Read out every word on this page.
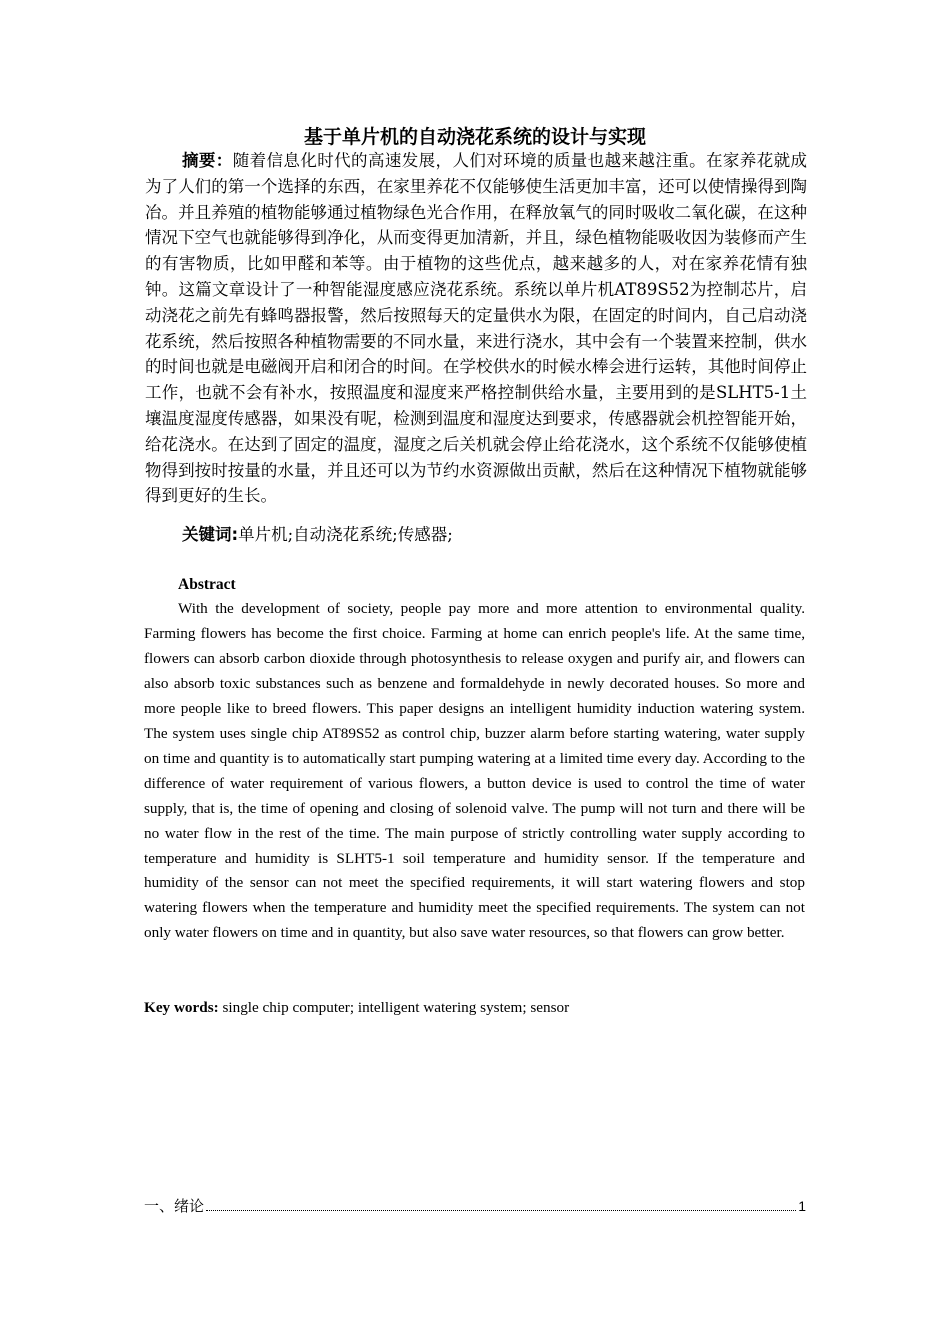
基于单片机的自动浇花系统的设计与实现

摘要：随着信息化时代的高速发展，人们对环境的质量也越来越注重。在家养花就成为了人们的第一个选择的东西，在家里养花不仅能够使生活更加丰富，还可以使情操得到陶冶。并且养殖的植物能够通过植物绿色光合作用，在释放氧气的同时吸收二氧化碳，在这种情况下空气也就能够得到净化，从而变得更加清新，并且，绿色植物能吸收因为装修而产生的有害物质，比如甲醛和苯等。由于植物的这些优点，越来越多的人，对在家养花情有独钟。这篇文章设计了一种智能湿度感应浇花系统。系统以单片机AT89S52为控制芯片，启动浇花之前先有蜂鸣器报警，然后按照每天的定量供水为限，在固定的时间内，自己启动浇花系统，然后按照各种植物需要的不同水量，来进行浇水，其中会有一个装置来控制，供水的时间也就是电磁阀开启和闭合的时间。在学校供水的时候水棒会进行运转，其他时间停止工作，也就不会有补水，按照温度和湿度来严格控制供给水量，主要用到的是SLHT5-1土壤温度湿度传感器，如果没有呢，检测到温度和湿度达到要求，传感器就会机控智能开始，给花浇水。在达到了固定的温度，湿度之后关机就会停止给花浇水，这个系统不仅能够使植物得到按时按量的水量，并且还可以为节约水资源做出贡献，然后在这种情况下植物就能够得到更好的生长。

关键词:单片机;自动浇花系统;传感器;

Abstract

With the development of society, people pay more and more attention to environmental quality. Farming flowers has become the first choice. Farming at home can enrich people's life. At the same time, flowers can absorb carbon dioxide through photosynthesis to release oxygen and purify air, and flowers can also absorb toxic substances such as benzene and formaldehyde in newly decorated houses. So more and more people like to breed flowers. This paper designs an intelligent humidity induction watering system. The system uses single chip AT89S52 as control chip, buzzer alarm before starting watering, water supply on time and quantity is to automatically start pumping watering at a limited time every day. According to the difference of water requirement of various flowers, a button device is used to control the time of water supply, that is, the time of opening and closing of solenoid valve. The pump will not turn and there will be no water flow in the rest of the time. The main purpose of strictly controlling water supply according to temperature and humidity is SLHT5-1 soil temperature and humidity sensor. If the temperature and humidity of the sensor can not meet the specified requirements, it will start watering flowers and stop watering flowers when the temperature and humidity meet the specified requirements. The system can not only water flowers on time and in quantity, but also save water resources, so that flowers can grow better.

Key words: single chip computer; intelligent watering system; sensor

一、绪论	1
